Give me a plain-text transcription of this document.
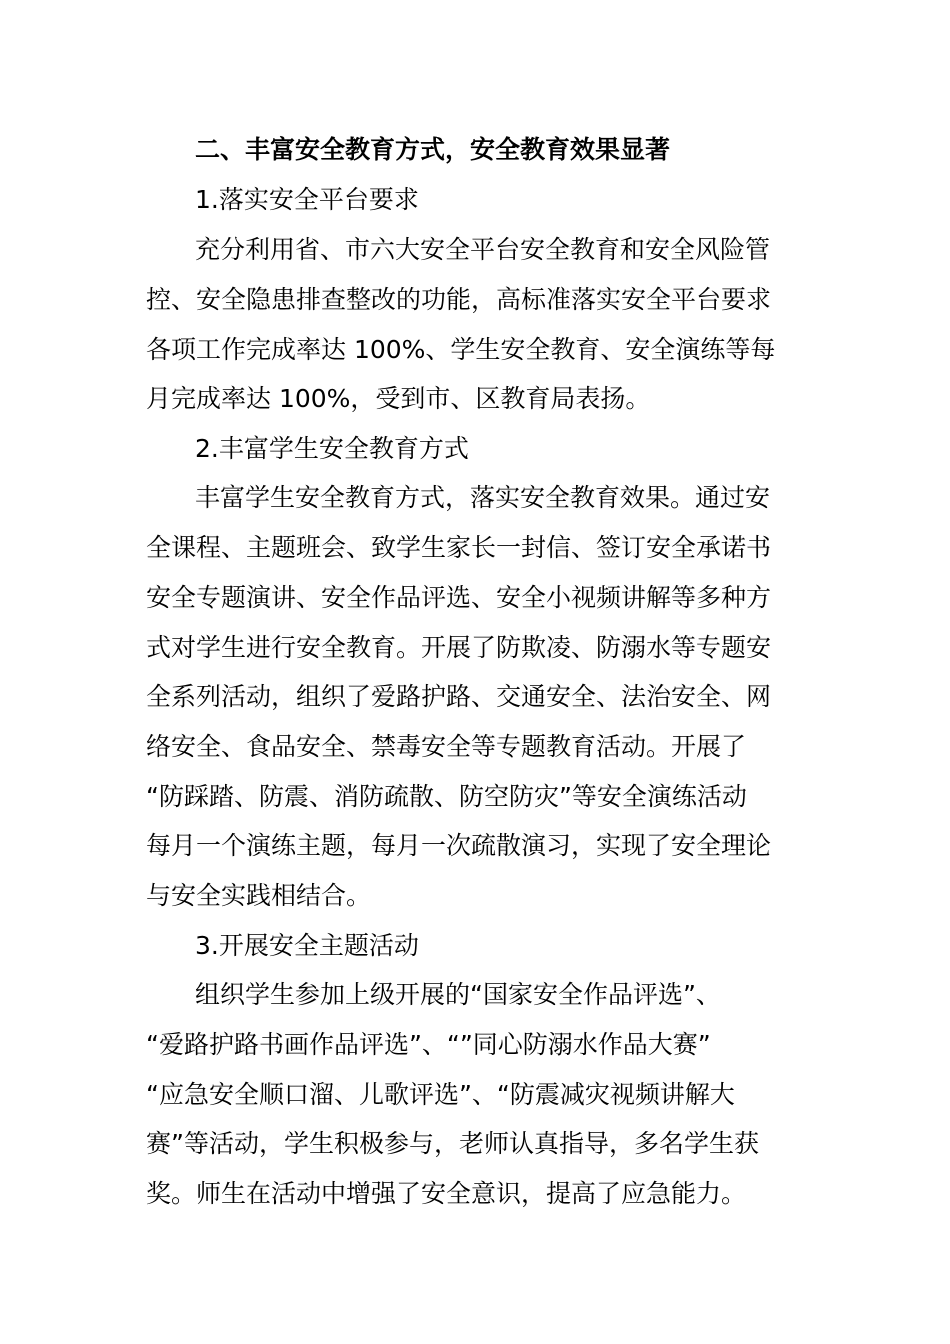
二、丰富安全教育方式，安全教育效果显著
1.落实安全平台要求
充分利用省、市六大安全平台安全教育和安全风险管
控、安全隐患排查整改的功能，高标准落实安全平台要求
各项工作完成率达 100%、学生安全教育、安全演练等每
月完成率达 100%，受到市、区教育局表扬。
2.丰富学生安全教育方式
丰富学生安全教育方式，落实安全教育效果。通过安
全课程、主题班会、致学生家长一封信、签订安全承诺书
安全专题演讲、安全作品评选、安全小视频讲解等多种方
式对学生进行安全教育。开展了防欺凌、防溺水等专题安
全系列活动，组织了爱路护路、交通安全、法治安全、网
络安全、食品安全、禁毒安全等专题教育活动。开展了
“防踩踏、防震、消防疏散、防空防灾”等安全演练活动
每月一个演练主题，每月一次疏散演习，实现了安全理论
与安全实践相结合。
3.开展安全主题活动
组织学生参加上级开展的“国家安全作品评选”、
“爱路护路书画作品评选”、“”同心防溺水作品大赛”
“应急安全顺口溜、儿歌评选”、“防震减灾视频讲解大
赛”等活动，学生积极参与，老师认真指导，多名学生获
奖。师生在活动中增强了安全意识，提高了应急能力。
